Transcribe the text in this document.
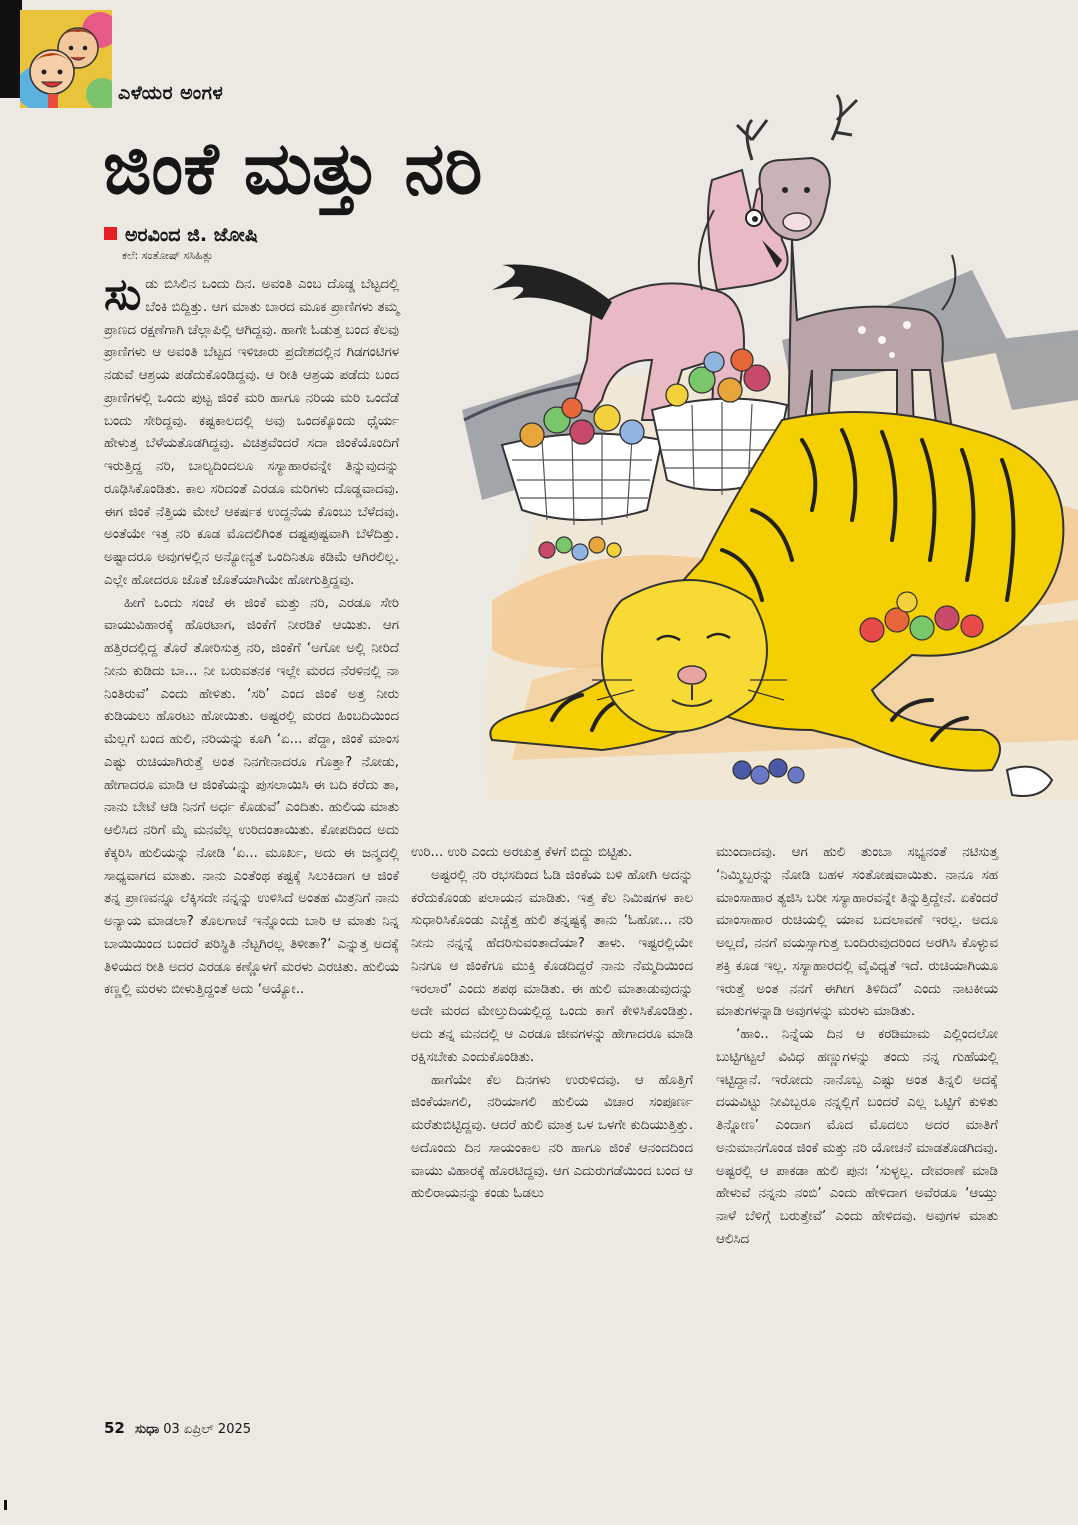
ಎಳೆಯರ ಅಂಗಳ
ಜಿಂಕೆ ಮತ್ತು ನರಿ
ಅರವಿಂದ ಜಿ. ಜೋಷಿ
ಕಲೆ: ಸಂತೋಷ್ ಸಸಿಹಿತ್ಲು

ಸುಡು ಬಿಸಿಲಿನ ಒಂದು ದಿನ. ಅವಂತಿ ಎಂಬ ದೊಡ್ಡ ಬೆಟ್ಟದಲ್ಲಿ ಬೆಂಕಿ ಬಿದ್ದಿತ್ತು. ಆಗ ಮಾತು ಬಾರದ ಮೂಕ ಪ್ರಾಣಿಗಳು ತಮ್ಮ ಪ್ರಾಣದ ರಕ್ಷಣೆಗಾಗಿ ಚೆಲ್ಲಾಪಿಲ್ಲಿ ಆಗಿದ್ದವು. ಹಾಗೇ ಓಡುತ್ತ ಬಂದ ಕೆಲವು ಪ್ರಾಣಿಗಳು ಆ ಅವಂತಿ ಬೆಟ್ಟದ ಇಳಿಜಾರು ಪ್ರದೇಶದಲ್ಲಿನ ಗಿಡಗಂಟಿಗಳ ನಡುವೆ ಆಶ್ರಯ ಪಡೆದುಕೊಂಡಿದ್ದವು. ಆ ರೀತಿ ಆಶ್ರಯ ಪಡೆದು ಬಂದ ಪ್ರಾಣಿಗಳಲ್ಲಿ ಒಂದು ಪುಟ್ಟ ಜಿಂಕೆ ಮರಿ ಹಾಗೂ ನರಿಯ ಮರಿ ಒಂದೆಡೆ ಬಂದು ಸೇರಿದ್ದವು. ಕಷ್ಟಕಾಲದಲ್ಲಿ ಅವು ಒಂದಕ್ಕೊಂದು ಧೈರ್ಯ ಹೇಳುತ್ತ ಬೆಳೆಯತೊಡಗಿದ್ದವು. ವಿಚಿತ್ರವೆಂದರೆ ಸದಾ ಜಿಂಕೆಯೊಂದಿಗೆ ಇರುತ್ತಿದ್ದ ನರಿ, ಬಾಲ್ಯದಿಂದಲೂ ಸಸ್ಯಾಹಾರವನ್ನೇ ತಿನ್ನುವುದನ್ನು ರೂಢಿಸಿಕೊಂಡಿತು. ಕಾಲ ಸರಿದಂತೆ ಎರಡೂ ಮರಿಗಳು ದೊಡ್ಡವಾದವು. ಈಗ ಜಿಂಕೆ ನೆತ್ತಿಯ ಮೇಲೆ ಆಕರ್ಷಕ ಉದ್ದನೆಯ ಕೊಂಬು ಬೆಳೆದವು. ಅಂತೆಯೇ ಇತ್ತ ನರಿ ಕೂಡ ಮೊದಲಿಗಿಂತ ದಷ್ಟಪುಷ್ಟವಾಗಿ ಬೆಳೆದಿತ್ತು. ಅಷ್ಟಾದರೂ ಅವುಗಳಲ್ಲಿನ ಅನ್ಯೋನ್ಯತೆ ಒಂದಿನಿತೂ ಕಡಿಮೆ ಆಗಿರಲಿಲ್ಲ. ಎಲ್ಲೇ ಹೋದರೂ ಜೊತೆ ಜೊತೆಯಾಗಿಯೇ ಹೋಗುತ್ತಿದ್ದವು.

ಹೀಗೆ ಒಂದು ಸಂಜೆ ಈ ಜಿಂಕೆ ಮತ್ತು ನರಿ, ಎರಡೂ ಸೇರಿ ವಾಯುವಿಹಾರಕ್ಕೆ ಹೊರಟಾಗ, ಜಿಂಕೆಗೆ ನೀರಡಿಕೆ ಆಯಿತು. ಆಗ ಹತ್ತಿರದಲ್ಲಿದ್ದ ತೊರೆ ತೋರಿಸುತ್ತ ನರಿ, ಜಿಂಕೆಗೆ ‘ಅಗೋ ಅಲ್ಲಿ ನೀರಿದೆ ನೀನು ಕುಡಿದು ಬಾ... ನೀ ಬರುವತನಕ ಇಲ್ಲೇ ಮರದ ನೆರಳಿನಲ್ಲಿ ನಾ ನಿಂತಿರುವೆ’ ಎಂದು ಹೇಳಿತು. ‘ಸರಿ’ ಎಂದ ಜಿಂಕೆ ಅತ್ತ ನೀರು ಕುಡಿಯಲು ಹೊರಟು ಹೋಯಿತು. ಅಷ್ಟರಲ್ಲಿ ಮರದ ಹಿಂಬದಿಯಿಂದ ಮೆಲ್ಲಗೆ ಬಂದ ಹುಲಿ, ನರಿಯನ್ನು ಕೂಗಿ ‘ಏ... ಪೆದ್ದಾ, ಜಿಂಕೆ ಮಾಂಸ ಎಷ್ಟು ರುಚಿಯಾಗಿರುತ್ತೆ ಅಂತ ನಿನಗೇನಾದರೂ ಗೊತ್ತಾ? ನೋಡು, ಹೇಗಾದರೂ ಮಾಡಿ ಆ ಜಿಂಕೆಯನ್ನು ಪುಸಲಾಯಿಸಿ ಈ ಬದಿ ಕರೆದು ತಾ, ನಾನು ಬೇಟೆ ಆಡಿ ನಿನಗೆ ಅರ್ಧ ಕೊಡುವೆ’ ಎಂದಿತು. ಹುಲಿಯ ಮಾತು ಆಲಿಸಿದ ನರಿಗೆ ಮೈ ಮನವೆಲ್ಲ ಉರಿದಂತಾಯಿತು. ಕೋಪದಿಂದ ಅದು ಕೆಕ್ಕರಿಸಿ ಹುಲಿಯನ್ನು ನೋಡಿ ‘ಏ... ಮೂರ್ಖ, ಅದು ಈ ಜನ್ಮದಲ್ಲಿ ಸಾಧ್ಯವಾಗದ ಮಾತು. ನಾನು ಎಂತೆಂಥ ಕಷ್ಟಕ್ಕೆ ಸಿಲುಕಿದಾಗ ಆ ಜಿಂಕೆ ತನ್ನ ಪ್ರಾಣವನ್ನೂ ಲೆಕ್ಕಿಸದೇ ನನ್ನನ್ನು ಉಳಿಸಿದೆ ಅಂತಹ ಮಿತ್ರನಿಗೆ ನಾನು ಅನ್ಯಾಯ ಮಾಡಲಾ? ತೊಲಗಾಚೆ ಇನ್ನೊಂದು ಬಾರಿ ಆ ಮಾತು ನಿನ್ನ ಬಾಯಿಯಿಂದ ಬಂದರೆ ಪರಿಸ್ಥಿತಿ ನೆಟ್ಟಗಿರಲ್ಲ ತಿಳೀತಾ?’ ಎನ್ನುತ್ತ ಅದಕ್ಕೆ ತಿಳಿಯದ ರೀತಿ ಅದರ ಎರಡೂ ಕಣ್ಣೊಳಗೆ ಮರಳು ಎರಚಿತು. ಹುಲಿಯ ಕಣ್ಣಲ್ಲಿ ಮರಳು ಬೀಳುತ್ತಿದ್ದಂತೆ ಅದು ‘ಅಯ್ಯೋ..

ಉರಿ... ಉರಿ ಎಂದು ಅರಚುತ್ತ ಕೆಳಗೆ ಬಿದ್ದು ಬಿಟ್ಟಿತು.

ಅಷ್ಟರಲ್ಲಿ ನರಿ ರಭಸದಿಂದ ಓಡಿ ಜಿಂಕೆಯ ಬಳಿ ಹೋಗಿ ಅದನ್ನು ಕರೆದುಕೊಂಡು ಪಲಾಯನ ಮಾಡಿತು. ಇತ್ತ ಕೆಲ ನಿಮಿಷಗಳ ಕಾಲ ಸುಧಾರಿಸಿಕೊಂಡು ಎಚ್ಚೆತ್ತ ಹುಲಿ ತನ್ನಷ್ಟಕ್ಕೆ ತಾನು ‘ಓಹೋ... ನರಿ ನೀನು ನನ್ನನ್ನೆ ಹೆದರಿಸುವಂತಾದೆಯಾ? ತಾಳು. ಇಷ್ಟರಲ್ಲಿಯೇ ನಿನಗೂ ಆ ಜಿಂಕೆಗೂ ಮುಕ್ತಿ ಕೊಡದಿದ್ದರೆ ನಾನು ನೆಮ್ಮದಿಯಿಂದ ಇರಲಾರೆ’ ಎಂದು ಶಪಥ ಮಾಡಿತು. ಈ ಹುಲಿ ಮಾತಾಡುವುದನ್ನು ಅದೇ ಮರದ ಮೇಲ್ತುದಿಯಲ್ಲಿದ್ದ ಒಂದು ಕಾಗೆ ಕೇಳಿಸಿಕೊಂಡಿತ್ತು. ಅದು ತನ್ನ ಮನದಲ್ಲಿ ಆ ಎರಡೂ ಜೀವಗಳನ್ನು ಹೇಗಾದರೂ ಮಾಡಿ ರಕ್ಷಿಸಬೇಕು ಎಂದುಕೊಂಡಿತು.

ಹಾಗೆಯೇ ಕೆಲ ದಿನಗಳು ಉರುಳಿದವು. ಆ ಹೊತ್ತಿಗೆ ಜಿಂಕೆಯಾಗಲಿ, ನರಿಯಾಗಲಿ ಹುಲಿಯ ವಿಚಾರ ಸಂಪೂರ್ಣ ಮರೆತುಬಿಟ್ಟಿದ್ದವು. ಆದರೆ ಹುಲಿ ಮಾತ್ರ ಒಳ ಒಳಗೇ ಕುದಿಯುತ್ತಿತ್ತು. ಅದೊಂದು ದಿನ ಸಾಯಂಕಾಲ ನರಿ ಹಾಗೂ ಜಿಂಕೆ ಆನಂದದಿಂದ ವಾಯು ವಿಹಾರಕ್ಕೆ ಹೊರಟಿದ್ದವು. ಆಗ ಎದುರುಗಡೆಯಿಂದ ಬಂದ ಆ ಹುಲಿರಾಯನನ್ನು ಕಂಡು ಓಡಲು

ಮುಂದಾದವು. ಆಗ ಹುಲಿ ತುಂಬಾ ಸಭ್ಯನಂತೆ ನಟಿಸುತ್ತ ‘ನಿಮ್ಮಿಬ್ಬರನ್ನು ನೋಡಿ ಬಹಳ ಸಂತೋಷವಾಯಿತು. ನಾನೂ ಸಹ ಮಾಂಸಾಹಾರ ತ್ಯಜಿಸಿ ಬರೀ ಸಸ್ಯಾಹಾರವನ್ನೇ ತಿನ್ನುತ್ತಿದ್ದೇನೆ. ಏಕೆಂದರೆ ಮಾಂಸಾಹಾರ ರುಚಿಯಲ್ಲಿ ಯಾವ ಬದಲಾವಣೆ ಇರಲ್ಲ. ಅದೂ ಅಲ್ಲದೆ, ನನಗೆ ವಯಸ್ಸಾಗುತ್ತ ಬಂದಿರುವುದರಿಂದ ಅರಗಿಸಿ ಕೊಳ್ಳುವ ಶಕ್ತಿ ಕೂಡ ಇಲ್ಲ. ಸಸ್ಯಾಹಾರದಲ್ಲಿ ವೈವಿಧ್ಯತೆ ಇದೆ. ರುಚಿಯಾಗಿಯೂ ಇರುತ್ತೆ ಅಂತ ನನಗೆ ಈಗೀಗ ತಿಳಿದಿದೆ’ ಎಂದು ನಾಟಕೀಯ ಮಾತುಗಳನ್ನಾಡಿ ಅವುಗಳನ್ನು ಮರಳು ಮಾಡಿತು.

‘ಹಾಂ.. ನಿನ್ನೆಯ ದಿನ ಆ ಕರಡಿಮಾಮ ಎಲ್ಲಿಂದಲೋ ಬುಟ್ಟಿಗಟ್ಟಲೆ ವಿವಿಧ ಹಣ್ಣುಗಳನ್ನು ತಂದು ನನ್ನ ಗುಹೆಯಲ್ಲಿ ಇಟ್ಟಿದ್ದಾನೆ. ಇರೋದು ನಾನೊಬ್ಬ ಎಷ್ಟು ಅಂತ ತಿನ್ನಲಿ ಅದಕ್ಕೆ ದಯವಿಟ್ಟು ನೀವಿಬ್ಬರೂ ನನ್ನಲ್ಲಿಗೆ ಬಂದರೆ ಎಲ್ಲ ಒಟ್ಟಿಗೆ ಕುಳಿತು ತಿನ್ನೋಣ’ ಎಂದಾಗ ಮೊದ ಮೊದಲು ಅದರ ಮಾತಿಗೆ ಅನುಮಾನಗೊಂಡ ಜಿಂಕೆ ಮತ್ತು ನರಿ ಯೋಚನೆ ಮಾಡತೊಡಗಿದವು. ಅಷ್ಟರಲ್ಲಿ ಆ ಪಾಕಡಾ ಹುಲಿ ಪುನಃ ‘ಸುಳ್ಳಲ್ಲ. ದೇವರಾಣೆ ಮಾಡಿ ಹೇಳುವೆ ನನ್ನನು ನಂಬಿ’ ಎಂದು ಹೇಳಿದಾಗ ಅವೆರಡೂ ‘ಆಯ್ತು ನಾಳೆ ಬೆಳಿಗ್ಗೆ ಬರುತ್ತೇವೆ’ ಎಂದು ಹೇಳಿದವು. ಅವುಗಳ ಮಾತು ಆಲಿಸಿದ

52 ಸುಧಾ 03 ಏಪ್ರಿಲ್ 2025
